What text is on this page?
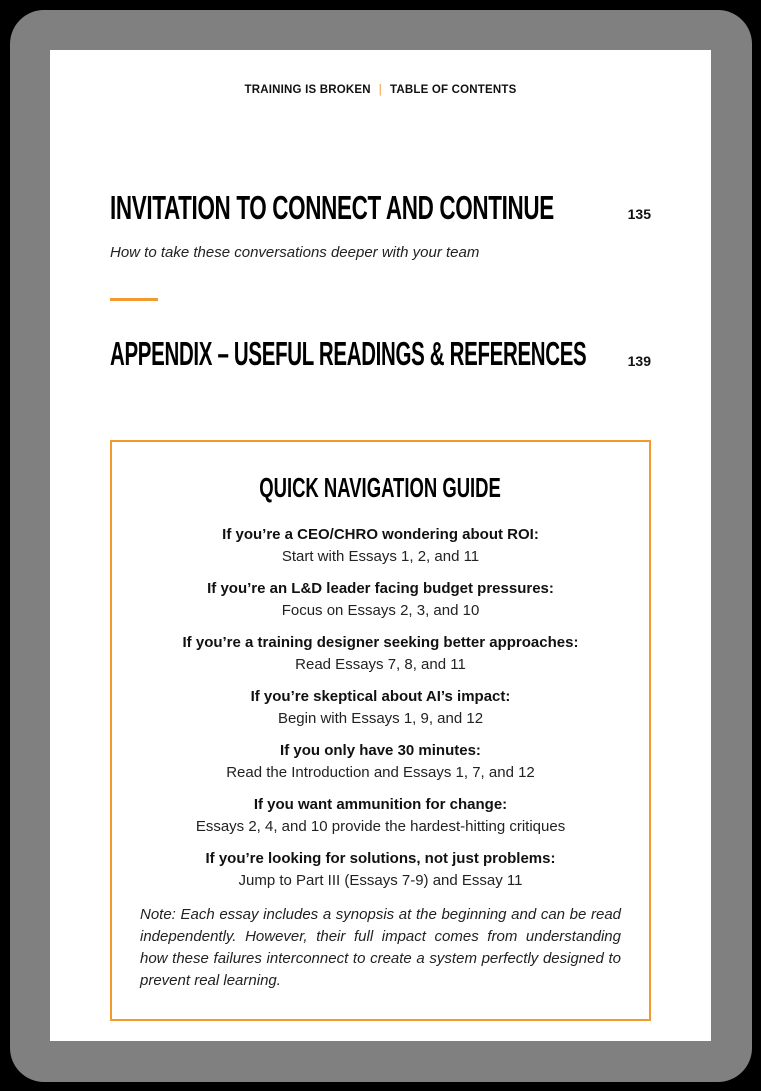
TRAINING IS BROKEN | TABLE OF CONTENTS
INVITATION TO CONNECT AND CONTINUE	135
How to take these conversations deeper with your team
APPENDIX – USEFUL READINGS & REFERENCES	139
QUICK NAVIGATION GUIDE
If you’re a CEO/CHRO wondering about ROI:
Start with Essays 1, 2, and 11
If you’re an L&D leader facing budget pressures:
Focus on Essays 2, 3, and 10
If you’re a training designer seeking better approaches:
Read Essays 7, 8, and 11
If you’re skeptical about AI’s impact:
Begin with Essays 1, 9, and 12
If you only have 30 minutes:
Read the Introduction and Essays 1, 7, and 12
If you want ammunition for change:
Essays 2, 4, and 10 provide the hardest-hitting critiques
If you’re looking for solutions, not just problems:
Jump to Part III (Essays 7-9) and Essay 11
Note: Each essay includes a synopsis at the beginning and can be read independently. However, their full impact comes from understanding how these failures interconnect to create a system perfectly designed to prevent real learning.
